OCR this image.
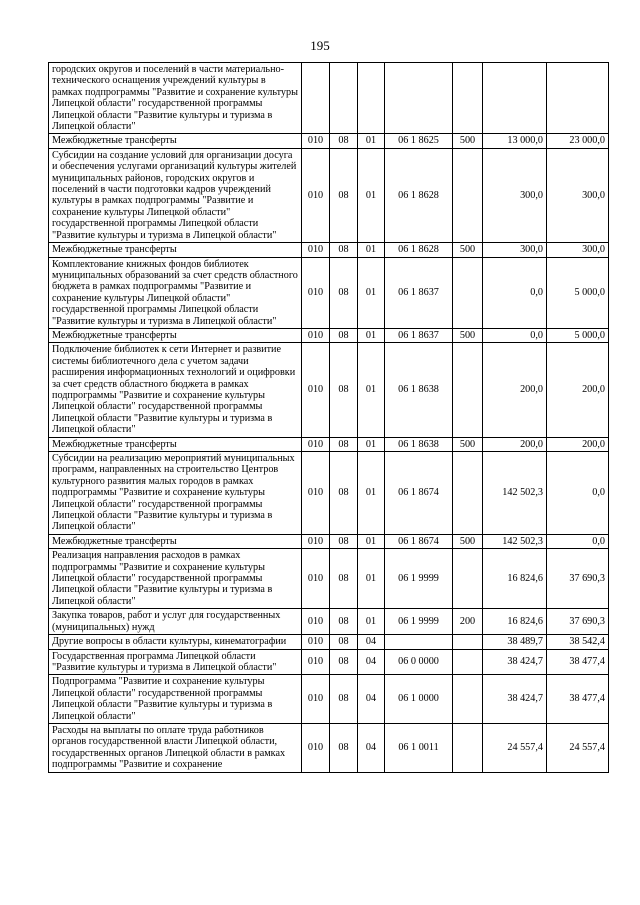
195
городских округов и поселений в части материально-технического оснащения учреждений культуры в рамках подпрограммы "Развитие и сохранение культуры Липецкой области" государственной программы Липецкой области "Развитие культуры и туризма в Липецкой области"							
Межбюджетные трансферты	010	08	01	06 1 8625	500	13 000,0	23 000,0
Субсидии на создание условий для организации досуга и обеспечения услугами организаций культуры жителей муниципальных районов, городских округов и поселений в части подготовки кадров учреждений культуры в рамках подпрограммы "Развитие и сохранение культуры Липецкой области" государственной программы Липецкой области "Развитие культуры и туризма в Липецкой области"	010	08	01	06 1 8628		300,0	300,0
Межбюджетные трансферты	010	08	01	06 1 8628	500	300,0	300,0
Комплектование книжных фондов библиотек муниципальных образований за счет средств областного бюджета в рамках подпрограммы "Развитие и сохранение культуры Липецкой области" государственной программы Липецкой области "Развитие культуры и туризма в Липецкой области"	010	08	01	06 1 8637		0,0	5 000,0
Межбюджетные трансферты	010	08	01	06 1 8637	500	0,0	5 000,0
Подключение библиотек к сети Интернет и развитие системы библиотечного дела с учетом задачи расширения информационных технологий и оцифровки за счет средств областного бюджета в рамках подпрограммы "Развитие и сохранение культуры Липецкой области" государственной программы Липецкой области "Развитие культуры и туризма в Липецкой области"	010	08	01	06 1 8638		200,0	200,0
Межбюджетные трансферты	010	08	01	06 1 8638	500	200,0	200,0
Субсидии на реализацию мероприятий муниципальных программ, направленных на строительство Центров культурного развития малых городов в рамках подпрограммы "Развитие и сохранение культуры Липецкой области" государственной программы Липецкой области "Развитие культуры и туризма в Липецкой области"	010	08	01	06 1 8674		142 502,3	0,0
Межбюджетные трансферты	010	08	01	06 1 8674	500	142 502,3	0,0
Реализация направления расходов в рамках подпрограммы "Развитие и сохранение культуры Липецкой области" государственной программы Липецкой области "Развитие культуры и туризма в Липецкой области"	010	08	01	06 1 9999		16 824,6	37 690,3
Закупка товаров, работ и услуг для государственных (муниципальных) нужд	010	08	01	06 1 9999	200	16 824,6	37 690,3
Другие вопросы в области культуры, кинематографии	010	08	04			38 489,7	38 542,4
Государственная программа Липецкой области "Развитие культуры и туризма в Липецкой области"	010	08	04	06 0 0000		38 424,7	38 477,4
Подпрограмма "Развитие и сохранение культуры Липецкой области" государственной программы Липецкой области "Развитие культуры и туризма в Липецкой области"	010	08	04	06 1 0000		38 424,7	38 477,4
Расходы на выплаты по оплате труда работников органов государственной власти Липецкой области, государственных органов Липецкой области в рамках подпрограммы "Развитие и сохранение	010	08	04	06 1 0011		24 557,4	24 557,4
